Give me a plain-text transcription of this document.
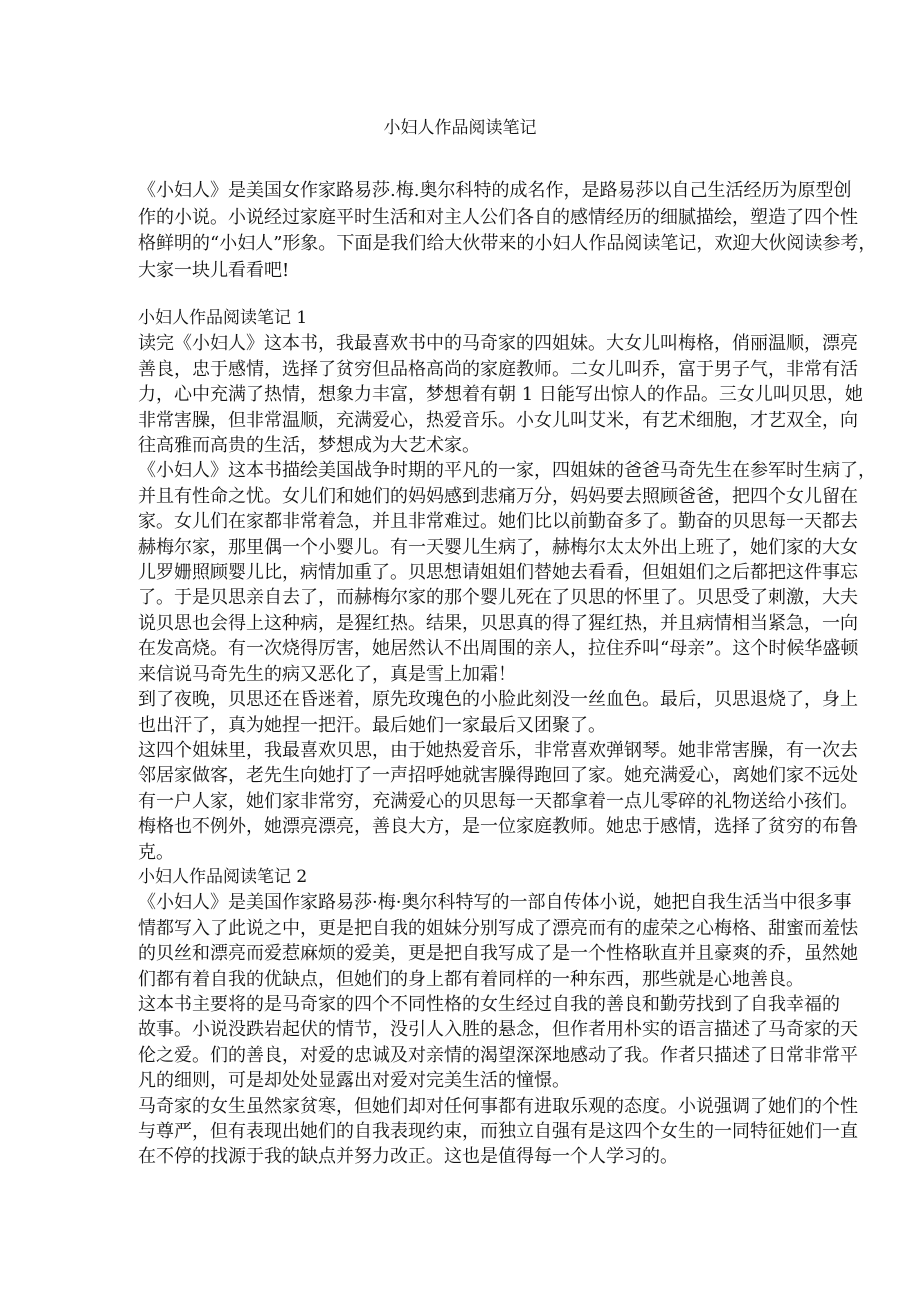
小妇人作品阅读笔记
《小妇人》是美国女作家路易莎.梅.奥尔科特的成名作，是路易莎以自己生活经历为原型创
作的小说。小说经过家庭平时生活和对主人公们各自的感情经历的细腻描绘，塑造了四个性
格鲜明的“小妇人”形象。下面是我们给大伙带来的小妇人作品阅读笔记，欢迎大伙阅读参考，
大家一块儿看看吧!
小妇人作品阅读笔记 1
读完《小妇人》这本书，我最喜欢书中的马奇家的四姐妹。大女儿叫梅格，俏丽温顺，漂亮
善良，忠于感情，选择了贫穷但品格高尚的家庭教师。二女儿叫乔，富于男子气，非常有活
力，心中充满了热情，想象力丰富，梦想着有朝 1 日能写出惊人的作品。三女儿叫贝思，她
非常害臊，但非常温顺，充满爱心，热爱音乐。小女儿叫艾米，有艺术细胞，才艺双全，向
往高雅而高贵的生活，梦想成为大艺术家。
《小妇人》这本书描绘美国战争时期的平凡的一家，四姐妹的爸爸马奇先生在参军时生病了，
并且有性命之忧。女儿们和她们的妈妈感到悲痛万分，妈妈要去照顾爸爸，把四个女儿留在
家。女儿们在家都非常着急，并且非常难过。她们比以前勤奋多了。勤奋的贝思每一天都去
赫梅尔家，那里偶一个小婴儿。有一天婴儿生病了，赫梅尔太太外出上班了，她们家的大女
儿罗姗照顾婴儿比，病情加重了。贝思想请姐姐们替她去看看，但姐姐们之后都把这件事忘
了。于是贝思亲自去了，而赫梅尔家的那个婴儿死在了贝思的怀里了。贝思受了刺激，大夫
说贝思也会得上这种病，是猩红热。结果，贝思真的得了猩红热，并且病情相当紧急，一向
在发高烧。有一次烧得厉害，她居然认不出周围的亲人，拉住乔叫“母亲”。这个时候华盛顿
来信说马奇先生的病又恶化了，真是雪上加霜！
到了夜晚，贝思还在昏迷着，原先玫瑰色的小脸此刻没一丝血色。最后，贝思退烧了，身上
也出汗了，真为她捏一把汗。最后她们一家最后又团聚了。
这四个姐妹里，我最喜欢贝思，由于她热爱音乐，非常喜欢弹钢琴。她非常害臊，有一次去
邻居家做客，老先生向她打了一声招呼她就害臊得跑回了家。她充满爱心，离她们家不远处
有一户人家，她们家非常穷，充满爱心的贝思每一天都拿着一点儿零碎的礼物送给小孩们。
梅格也不例外，她漂亮漂亮，善良大方，是一位家庭教师。她忠于感情，选择了贫穷的布鲁
克。
小妇人作品阅读笔记 2
《小妇人》是美国作家路易莎·梅·奥尔科特写的一部自传体小说，她把自我生活当中很多事
情都写入了此说之中，更是把自我的姐妹分别写成了漂亮而有的虚荣之心梅格、甜蜜而羞怯
的贝丝和漂亮而爱惹麻烦的爱美，更是把自我写成了是一个性格耿直并且豪爽的乔，虽然她
们都有着自我的优缺点，但她们的身上都有着同样的一种东西，那些就是心地善良。
这本书主要将的是马奇家的四个不同性格的女生经过自我的善良和勤劳找到了自我幸福的
故事。小说没跌岩起伏的情节，没引人入胜的悬念，但作者用朴实的语言描述了马奇家的天
伦之爱。们的善良，对爱的忠诚及对亲情的渴望深深地感动了我。作者只描述了日常非常平
凡的细则，可是却处处显露出对爱对完美生活的憧憬。
马奇家的女生虽然家贫寒，但她们却对任何事都有进取乐观的态度。小说强调了她们的个性
与尊严，但有表现出她们的自我表现约束，而独立自强有是这四个女生的一同特征她们一直
在不停的找源于我的缺点并努力改正。这也是值得每一个人学习的。
